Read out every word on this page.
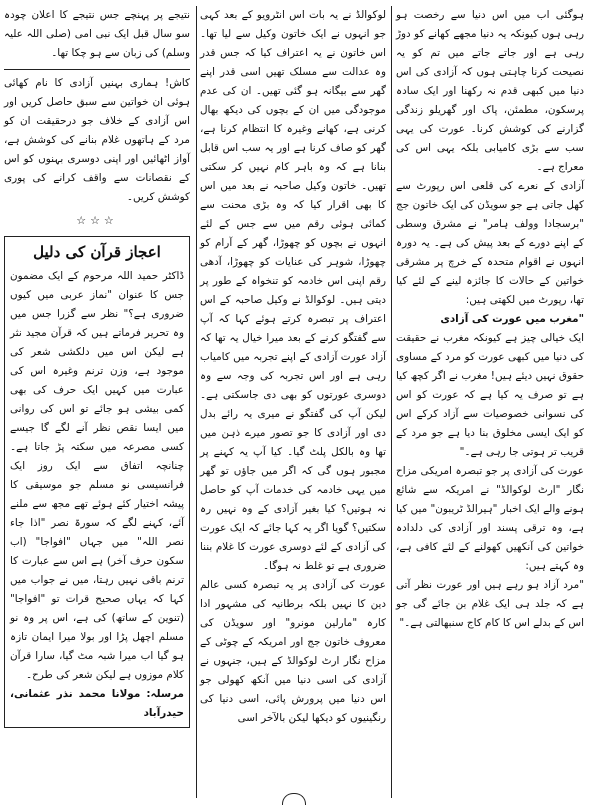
ہوگئی اب میں اس دنیا سے رخصت ہو رہی ہوں کیونکہ یہ دنیا مجھے کھانے کو دوڑ رہی ہے اور جاتے جاتے میں تم کو یہ نصیحت کرنا چاہتی ہوں کہ آزادی کی اس دنیا میں کبھی قدم نہ رکھنا اور ایک سادہ پرسکون، مطمئن، پاک اور گھریلو زندگی گزارنے کی کوشش کرنا۔ عورت کی یہی سب سے بڑی کامیابی بلکہ یہی اس کی معراج ہے۔

آزادی کے نعرے کی قلعی اس رپورٹ سے کھل جاتی ہے جو سویڈن کی ایک خاتون جج "برسجادا وولف ہامر" نے مشرق وسطی کے اپنے دورے کے بعد پیش کی ہے۔ یہ دورہ انہوں نے اقوام متحدہ کے خرچ پر مشرقی خواتین کے حالات کا جائزہ لینے کے لئے کیا تھا، رپورٹ میں لکھتی ہیں:

"مغرب میں عورت کی آزادی

ایک خیالی چیز ہے کیونکہ مغرب نے حقیقت کی دنیا میں کبھی عورت کو مرد کے مساوی حقوق نہیں دیئے ہیں! مغرب نے اگر کچھ کیا ہے تو صرف یہ کیا ہے کہ عورت کو اس کی نسوانی خصوصیات سے آزاد کرکے اس کو ایک ایسی مخلوق بنا دیا ہے جو مرد کے قریب تر ہوتی جا رہی ہے۔"

عورت کی آزادی پر جو تبصرہ امریکی مزاح نگار "ارٹ لوکوالڈ" نے امریکہ سے شائع ہونے والے ایک اخبار "ہیرالڈ ٹریبون" میں کیا ہے، وہ ترقی پسند اور آزادی کی دلدادہ خواتین کی آنکھیں کھولنے کے لئے کافی ہے، وہ کہتے ہیں:

"مرد آزاد ہو رہے ہیں اور عورت نظر آتی ہے کہ جلد ہی ایک غلام بن جائے گی جو اس کے بدلے اس کا کام کاج سنبھالتی ہے۔"

لوکوالڈ نے یہ بات اس انٹرویو کے بعد کہی جو انہوں نے ایک خاتون وکیل سے لیا تھا۔ اس خاتون نے یہ اعتراف کیا کہ جس قدر وہ عدالت سے مسلک تھیں اسی قدر اپنے گھر سے بیگانہ ہو گئی تھیں۔ ان کی عدم موجودگی میں ان کے بچوں کی دیکھ بھال کرنی ہے، کھانے وغیرہ کا انتظام کرنا ہے، گھر کو صاف کرنا ہے اور یہ سب اس قابل بنانا ہے کہ وہ باہر کام نہیں کر سکتی تھیں۔ خاتون وکیل صاحبہ نے بعد میں اس کا بھی اقرار کیا کہ وہ بڑی محنت سے کمائی ہوئی رقم میں سے جس کے لئے انہوں نے بچوں کو چھوڑا، گھر کے آرام کو چھوڑا، شوہر کی عنایات کو چھوڑا، آدھی رقم اپنی اس خادمہ کو تنخواہ کے طور پر دیتی ہیں۔ لوکوالڈ نے وکیل صاحبہ کے اس اعتراف پر تبصرہ کرتے ہوئے کہا کہ آپ سے گفتگو کرنے کے بعد میرا خیال یہ تھا کہ آزاد عورت آزادی کے اپنے تجربہ میں کامیاب رہی ہے اور اس تجربہ کی وجہ سے وہ دوسری عورتوں کو بھی دی جاسکتی ہے۔ لیکن آپ کی گفتگو نے میری یہ رائے بدل دی اور آزادی کا جو تصور میرے ذہن میں تھا وہ بالکل پلٹ گیا۔ کیا آپ یہ کہنے پر مجبور ہوں گی کہ اگر میں جاؤں تو گھر میں یہی خادمہ کی خدمات آپ کو حاصل نہ ہوتیں؟ کیا بغیر آزادی کے وہ نہیں رہ سکتیں؟ گویا اگر یہ کہا جائے کہ ایک عورت کی آزادی کے لئے دوسری عورت کا غلام بننا ضروری ہے تو غلط نہ ہوگا۔

عورت کی آزادی پر یہ تبصرہ کسی عالم دین کا نہیں بلکہ برطانیہ کی مشہور ادا کارہ "مارلین مونرو" اور سویڈن کی معروف خاتون جج اور امریکہ کے چوٹی کے مزاح نگار ارٹ لوکوالڈ کے ہیں، جنہوں نے آزادی کی اسی دنیا میں آنکھ کھولی جو اس دنیا میں پرورش پائی، اسی دنیا کی رنگینیوں کو دیکھا لیکن بالآخر اسی

نتیجے پر پہنچے جس نتیجے کا اعلان چودہ سو سال قبل ایک نبی امی (صلی اللہ علیہ وسلم) کی زبان سے ہو چکا تھا۔

کاش! ہماری بہنیں آزادی کا نام کھائی ہوئی ان خواتین سے سبق حاصل کریں اور اس آزادی کے خلاف جو درحقیقت ان کو مرد کے ہاتھوں غلام بنانے کی کوشش ہے، آواز اٹھائیں اور اپنی دوسری بہنوں کو اس کے نقصانات سے واقف کرانے کی پوری کوشش کریں۔

☆☆☆
اعجاز قرآن کی دلیل

ڈاکٹر حمید اللہ مرحوم کے ایک مضمون جس کا عنوان "نماز عربی میں کیوں ضروری ہے؟" نظر سے گزرا جس میں وہ تحریر فرماتے ہیں کہ قرآن مجید نثر ہے لیکن اس میں دلکشی شعر کی موجود ہے، وزن ترنم وغیرہ اس کی عبارت میں کہیں ایک حرف کی بھی کمی بیشی ہو جائے تو اس کی روانی میں ایسا نقص نظر آنے لگے گا جیسے کسی مصرعہ میں سکتہ پڑ جاتا ہے۔ چنانچہ اتفاق سے ایک روز ایک فرانسیسی نو مسلم جو موسیقی کا پیشہ اختیار کئے ہوئے تھے مجھ سے ملنے آئے، کہنے لگے کہ سورۃ نصر "اذا جاء نصر اللہ" میں جہاں "افواجا" (اب سکون حرف آخر) ہے اس سے عبارت کا ترنم باقی نہیں رہتا، میں نے جواب میں کہا کہ یہاں صحیح قرات تو "افواجا" (تنوین کے ساتھ) کی ہے، اس پر وہ نو مسلم اچھل پڑا اور بولا میرا ایمان تازہ ہو گیا اب میرا شبہ مٹ گیا، سارا قرآن کلام موزوں ہے لیکن شعر کی طرح۔

مرسلہ: مولانا محمد نذر عثمانی، حیدرآباد
